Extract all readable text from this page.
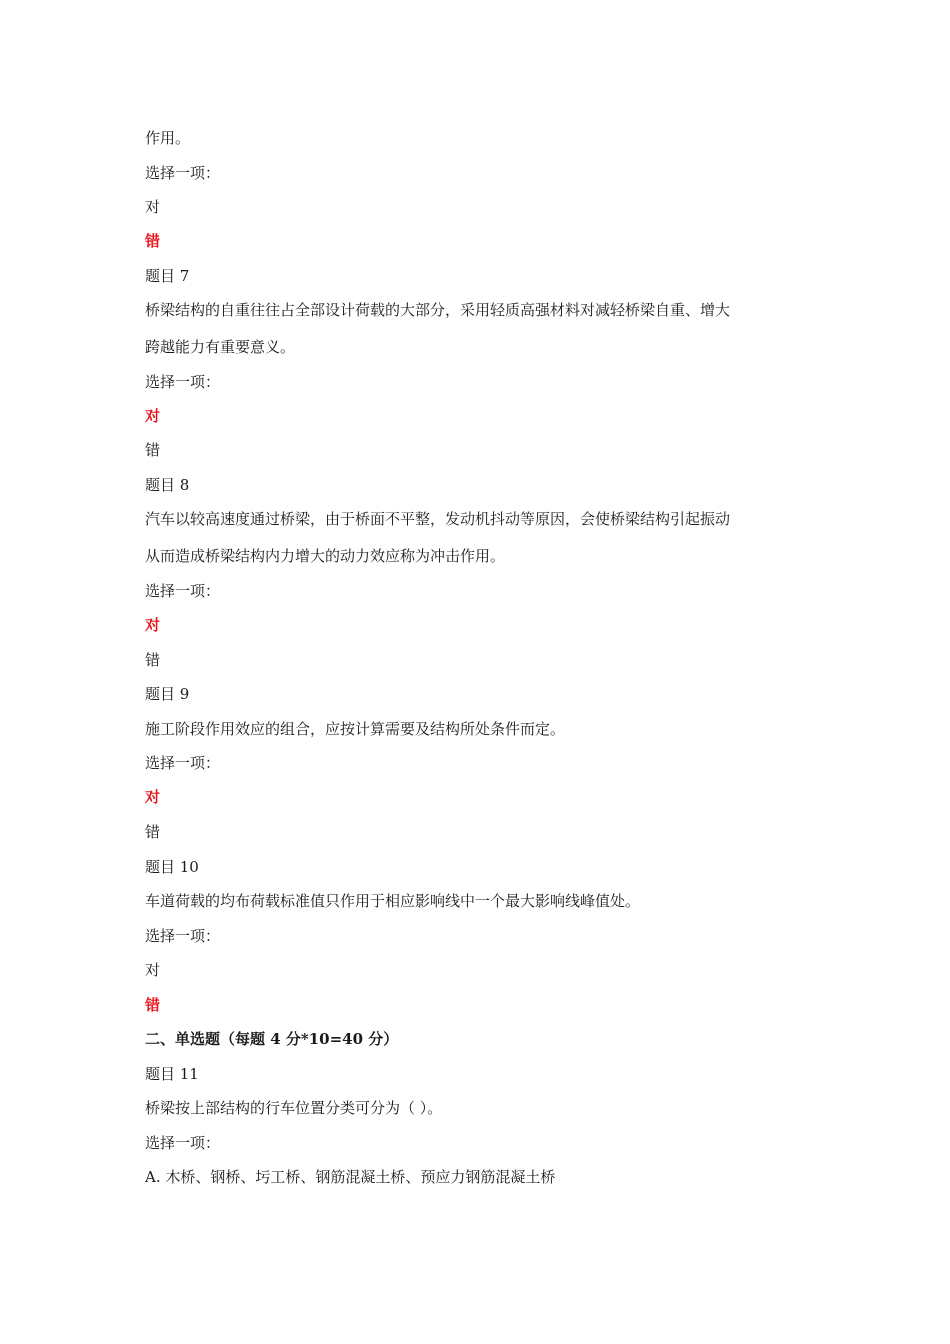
作用。
选择一项：
对
错
题目 7
桥梁结构的自重往往占全部设计荷载的大部分，采用轻质高强材料对减轻桥梁自重、增大
跨越能力有重要意义。
选择一项：
对
错
题目 8
汽车以较高速度通过桥梁，由于桥面不平整，发动机抖动等原因，会使桥梁结构引起振动
从而造成桥梁结构内力增大的动力效应称为冲击作用。
选择一项：
对
错
题目 9
施工阶段作用效应的组合，应按计算需要及结构所处条件而定。
选择一项：
对
错
题目 10
车道荷载的均布荷载标准值只作用于相应影响线中一个最大影响线峰值处。
选择一项：
对
错
二、单选题（每题 4 分*10=40 分）
题目 11
桥梁按上部结构的行车位置分类可分为（ ）。
选择一项：
A. 木桥、钢桥、圬工桥、钢筋混凝土桥、预应力钢筋混凝土桥
